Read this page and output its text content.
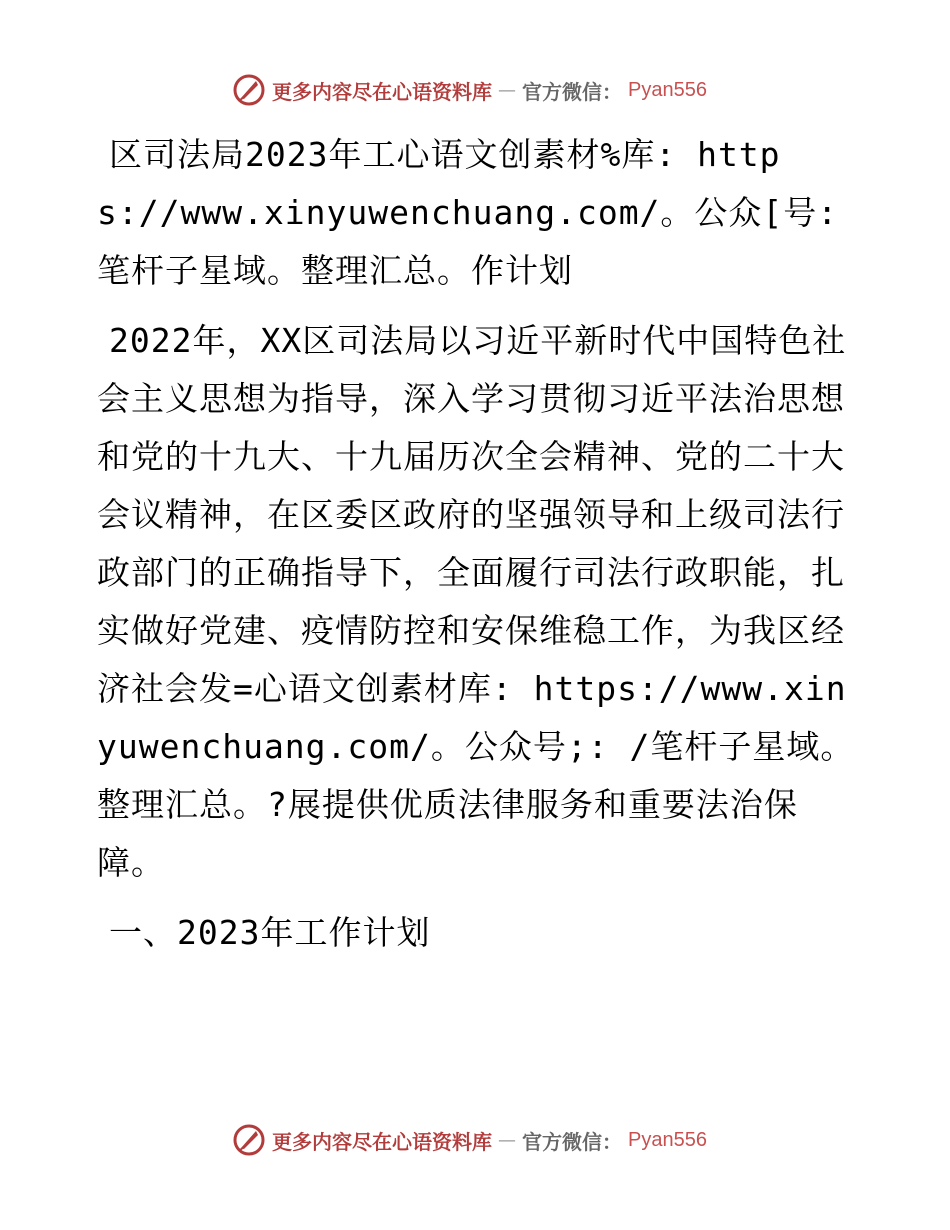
更多内容尽在心语资料库 — 官方微信： Pyan556

区司法局2023年工心语文创素材%库: https://www.xinyuwenchuang.com/。公众[号: 笔杆子星域。整理汇总。作计划

2022年，XX区司法局以习近平新时代中国特色社会主义思想为指导，深入学习贯彻习近平法治思想和党的十九大、十九届历次全会精神、党的二十大会议精神，在区委区政府的坚强领导和上级司法行政部门的正确指导下，全面履行司法行政职能，扎实做好党建、疫情防控和安保维稳工作，为我区经济社会发=心语文创素材库: https://www.xinyuwenchuang.com/。公众号;: /笔杆子星域。整理汇总。?展提供优质法律服务和重要法治保障。

一、2023年工作计划

更多内容尽在心语资料库 — 官方微信： Pyan556
